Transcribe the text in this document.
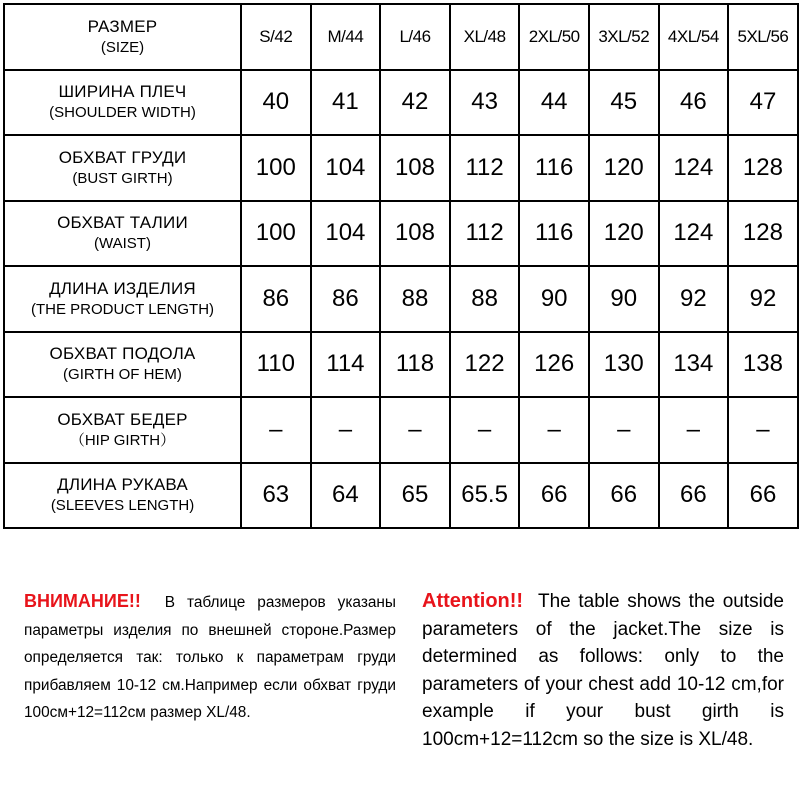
РАЗМЕР
(SIZE)	S/42	M/44	L/46	XL/48	2XL/50	3XL/52	4XL/54	5XL/56

ШИРИНА ПЛЕЧ
(SHOULDER WIDTH)	40	41	42	43	44	45	46	47

ОБХВАТ ГРУДИ
(BUST GIRTH)	100	104	108	112	116	120	124	128

ОБХВАТ ТАЛИИ
(WAIST)	100	104	108	112	116	120	124	128

ДЛИНА ИЗДЕЛИЯ
(THE PRODUCT LENGTH)	86	86	88	88	90	90	92	92

ОБХВАТ ПОДОЛА
(GIRTH OF HEM)	110	114	118	122	126	130	134	138

ОБХВАТ БЕДЕР
（HIP GIRTH）	–	–	–	–	–	–	–	–

ДЛИНА РУКАВА
(SLEEVES LENGTH)	63	64	65	65.5	66	66	66	66
ВНИМАНИЕ!! В таблице размеров указаны параметры изделия по внешней стороне.Размер определяется так: только к параметрам груди прибавляем 10-12 см.Например если обхват груди 100см+12=112см размер XL/48.
Attention!! The table shows the outside parameters of the jacket.The size is determined as follows: only to the parameters of your chest add 10-12 cm,for example if your bust girth is 100cm+12=112cm so the size is XL/48.
